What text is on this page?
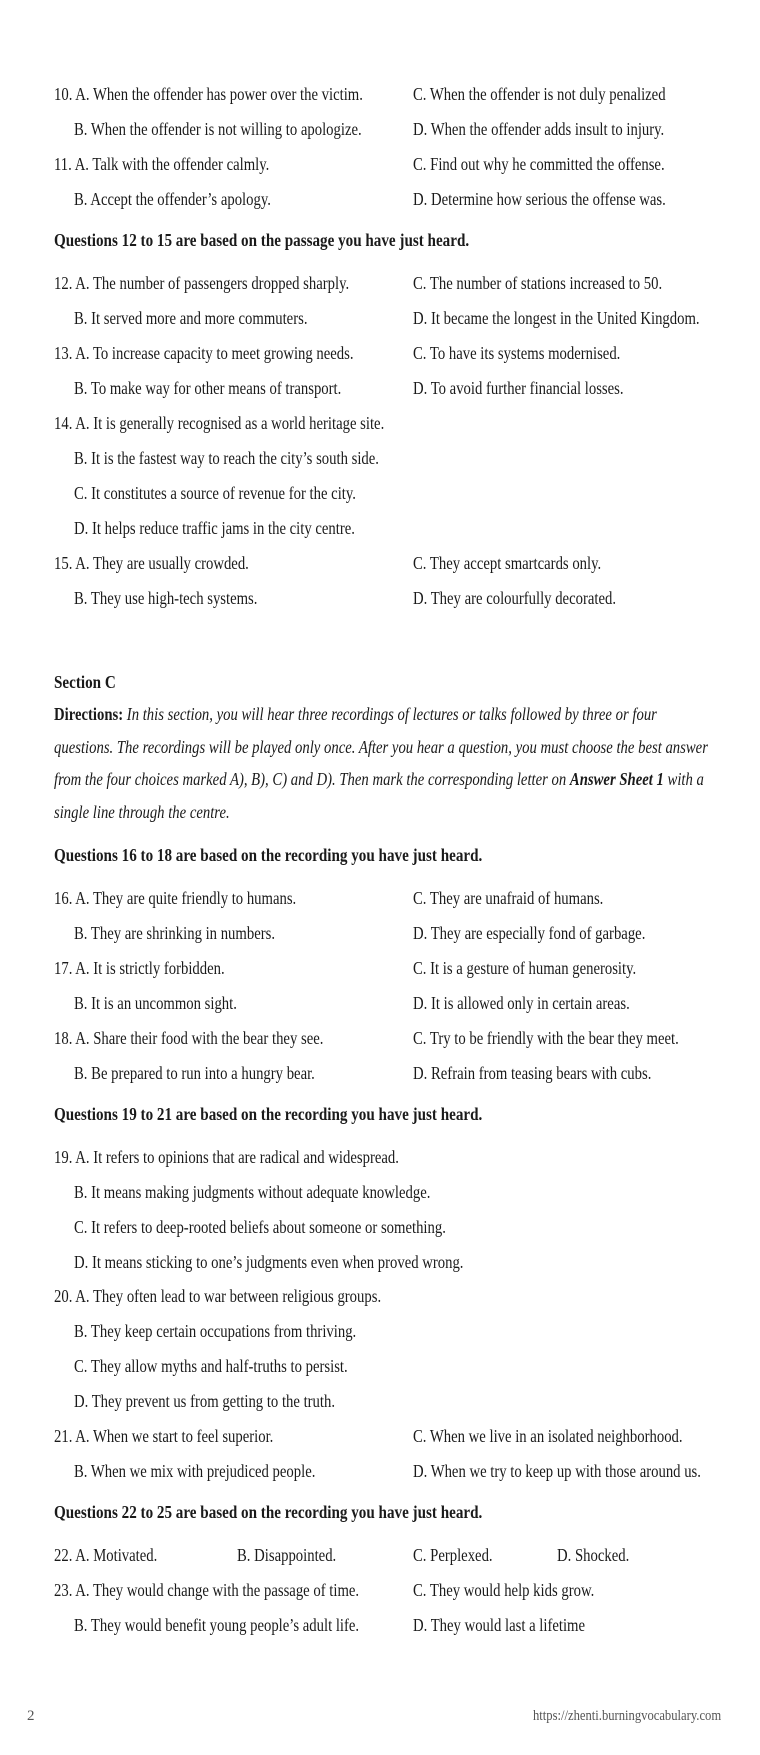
10. A. When the offender has power over the victim.	C. When the offender is not duly penalized
B. When the offender is not willing to apologize.	D. When the offender adds insult to injury.
11. A. Talk with the offender calmly.	C. Find out why he committed the offense.
B. Accept the offender’s apology.	D. Determine how serious the offense was.
Questions 12 to 15 are based on the passage you have just heard.
12. A. The number of passengers dropped sharply.	C. The number of stations increased to 50.
B. It served more and more commuters.	D. It became the longest in the United Kingdom.
13. A. To increase capacity to meet growing needs.	C. To have its systems modernised.
B. To make way for other means of transport.	D. To avoid further financial losses.
14. A. It is generally recognised as a world heritage site.
B. It is the fastest way to reach the city’s south side.
C. It constitutes a source of revenue for the city.
D. It helps reduce traffic jams in the city centre.
15. A. They are usually crowded.	C. They accept smartcards only.
B. They use high-tech systems.	D. They are colourfully decorated.
Section C
Directions: In this section, you will hear three recordings of lectures or talks followed by three or four questions. The recordings will be played only once. After you hear a question, you must choose the best answer from the four choices marked A), B), C) and D). Then mark the corresponding letter on Answer Sheet 1 with a single line through the centre.
Questions 16 to 18 are based on the recording you have just heard.
16. A. They are quite friendly to humans.	C. They are unafraid of humans.
B. They are shrinking in numbers.	D. They are especially fond of garbage.
17. A. It is strictly forbidden.	C. It is a gesture of human generosity.
B. It is an uncommon sight.	D. It is allowed only in certain areas.
18. A. Share their food with the bear they see.	C. Try to be friendly with the bear they meet.
B. Be prepared to run into a hungry bear.	D. Refrain from teasing bears with cubs.
Questions 19 to 21 are based on the recording you have just heard.
19. A. It refers to opinions that are radical and widespread.
B. It means making judgments without adequate knowledge.
C. It refers to deep-rooted beliefs about someone or something.
D. It means sticking to one’s judgments even when proved wrong.
20. A. They often lead to war between religious groups.
B. They keep certain occupations from thriving.
C. They allow myths and half-truths to persist.
D. They prevent us from getting to the truth.
21. A. When we start to feel superior.	C. When we live in an isolated neighborhood.
B. When we mix with prejudiced people.	D. When we try to keep up with those around us.
Questions 22 to 25 are based on the recording you have just heard.
22. A. Motivated.	B. Disappointed.	C. Perplexed.	D. Shocked.
23. A. They would change with the passage of time.	C. They would help kids grow.
B. They would benefit young people’s adult life.	D. They would last a lifetime
2	https://zhenti.burningvocabulary.com
